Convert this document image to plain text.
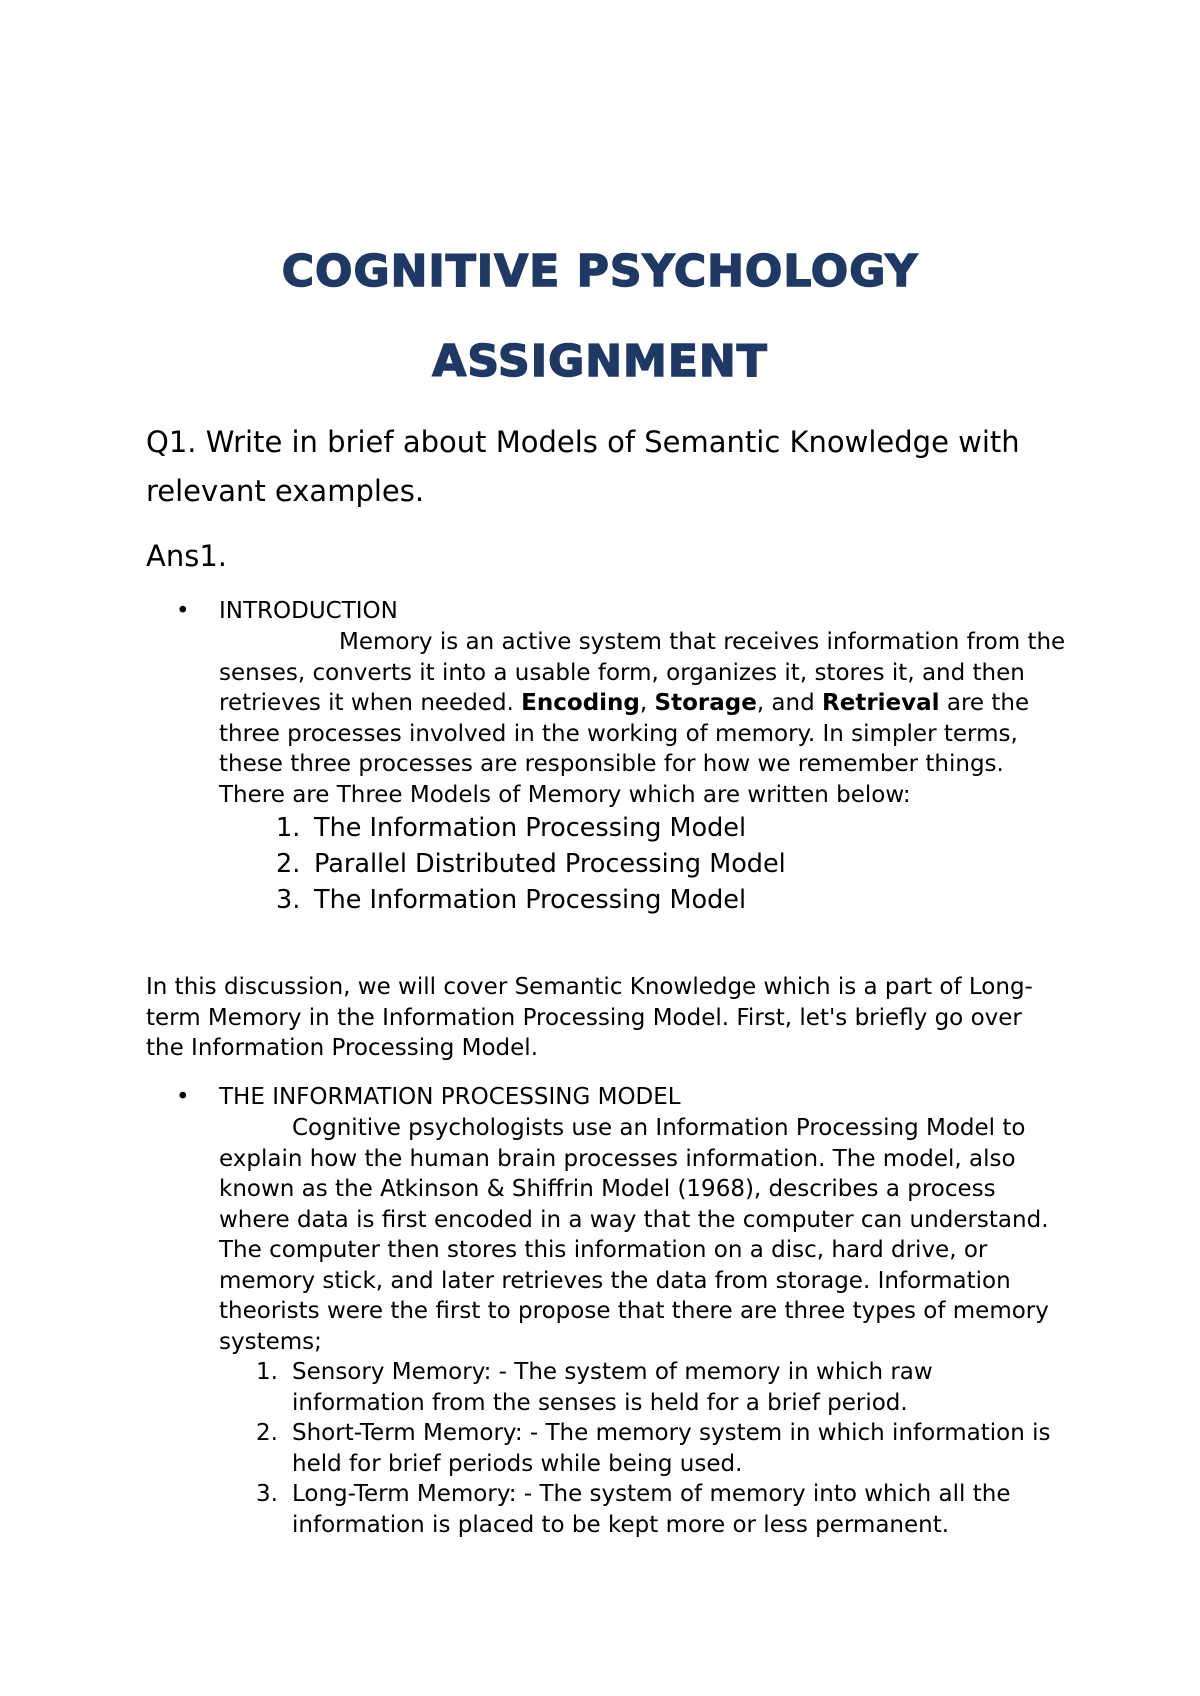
COGNITIVE PSYCHOLOGY
ASSIGNMENT
Q1. Write in brief about Models of Semantic Knowledge with relevant examples.
Ans1.
• INTRODUCTION
Memory is an active system that receives information from the senses, converts it into a usable form, organizes it, stores it, and then retrieves it when needed. Encoding, Storage, and Retrieval are the three processes involved in the working of memory. In simpler terms, these three processes are responsible for how we remember things. There are Three Models of Memory which are written below:
1. The Information Processing Model
2. Parallel Distributed Processing Model
3. The Information Processing Model
In this discussion, we will cover Semantic Knowledge which is a part of Long-term Memory in the Information Processing Model. First, let's briefly go over the Information Processing Model.
• THE INFORMATION PROCESSING MODEL
Cognitive psychologists use an Information Processing Model to explain how the human brain processes information. The model, also known as the Atkinson & Shiffrin Model (1968), describes a process where data is first encoded in a way that the computer can understand. The computer then stores this information on a disc, hard drive, or memory stick, and later retrieves the data from storage. Information theorists were the first to propose that there are three types of memory systems;
1. Sensory Memory: - The system of memory in which raw information from the senses is held for a brief period.
2. Short-Term Memory: - The memory system in which information is held for brief periods while being used.
3. Long-Term Memory: - The system of memory into which all the information is placed to be kept more or less permanent.
